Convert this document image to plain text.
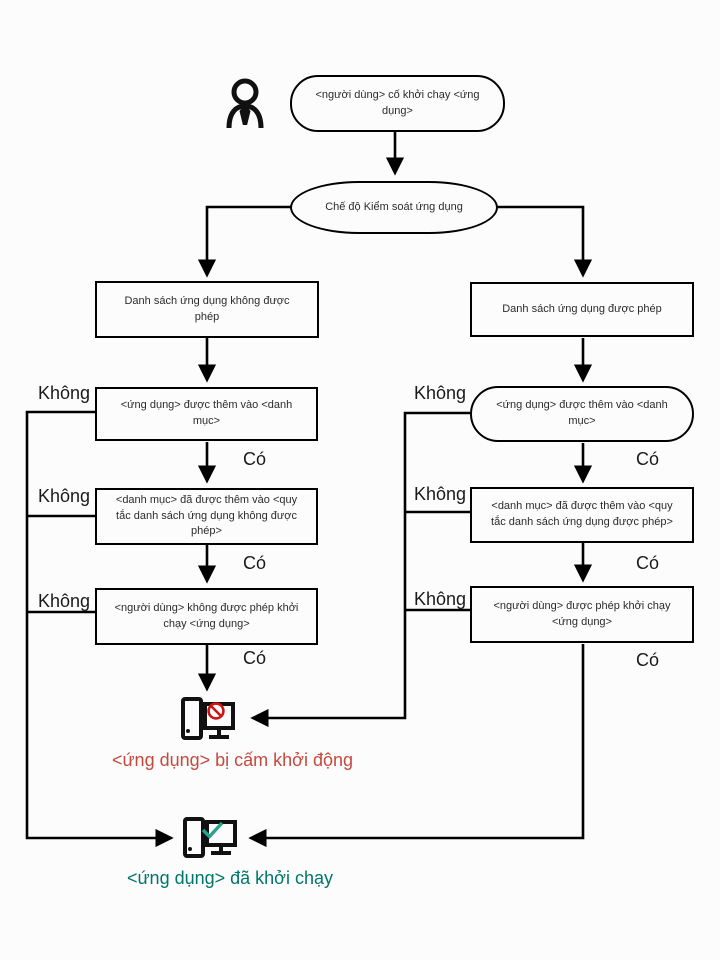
<người dùng> cố khởi chạy <ứng dụng>
Chế độ Kiểm soát ứng dụng
Danh sách ứng dụng không được phép
Danh sách ứng dụng được phép
<ứng dụng> được thêm vào <danh mục>
<ứng dụng> được thêm vào <danh mục>
<danh mục> đã được thêm vào <quy tắc danh sách ứng dụng không được phép>
<danh mục> đã được thêm vào <quy tắc danh sách ứng dụng được phép>
<người dùng> không được phép khởi chạy <ứng dụng>
<người dùng> được phép khởi chạy <ứng dụng>
Không
Không
Không
Không
Không
Không
Có
Có
Có
Có
Có
Có
<ứng dụng> bị cấm khởi động
<ứng dụng> đã khởi chạy
